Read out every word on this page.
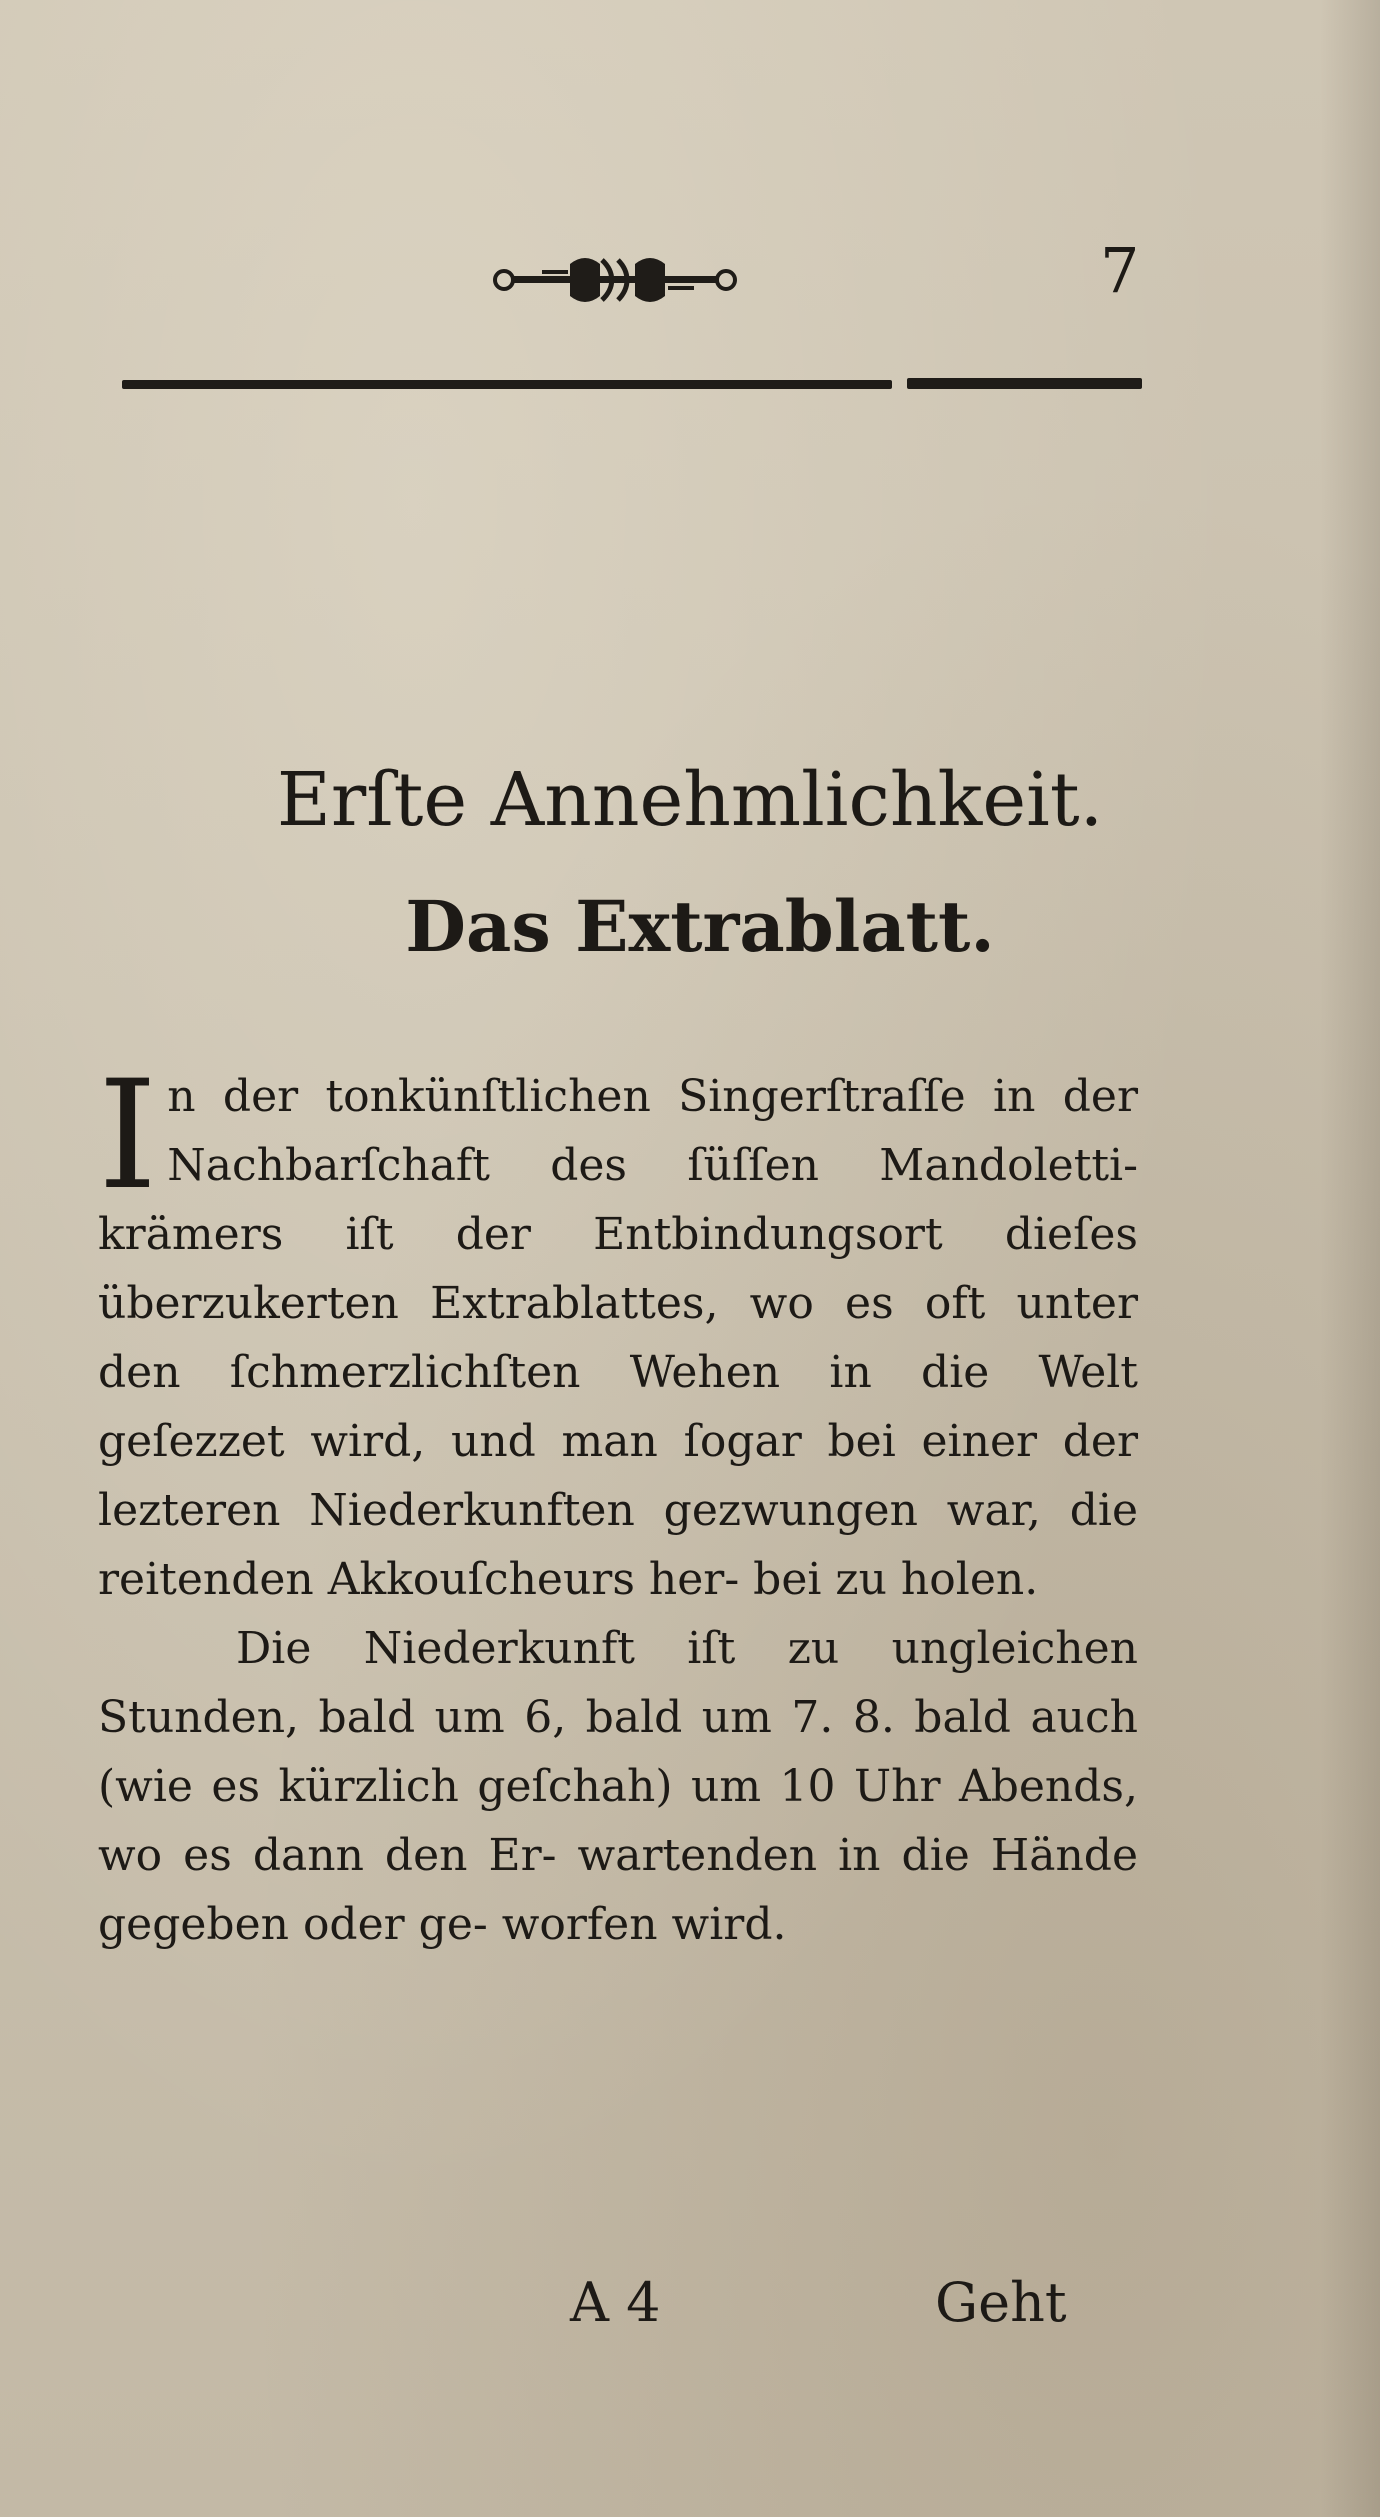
7
Erſte Annehmlichkeit.
Das Extrablatt.

In der tonkünſtlichen Singerſtraſſe in der Nachbarſchaft des ſüſſen Mandoletti- krämers iſt der Entbindungsort dieſes überzukerten Extrablattes, wo es oft unter den ſchmerzlichſten Wehen in die Welt geſezzet wird, und man ſogar bei einer der lezteren Niederkunften gezwungen war, die reitenden Akkouſcheurs her- bei zu holen.

Die Niederkunft iſt zu ungleichen Stunden, bald um 6, bald um 7. 8. bald auch (wie es kürzlich geſchah) um 10 Uhr Abends, wo es dann den Er- wartenden in die Hände gegeben oder ge- worfen wird.

A 4	Geht
